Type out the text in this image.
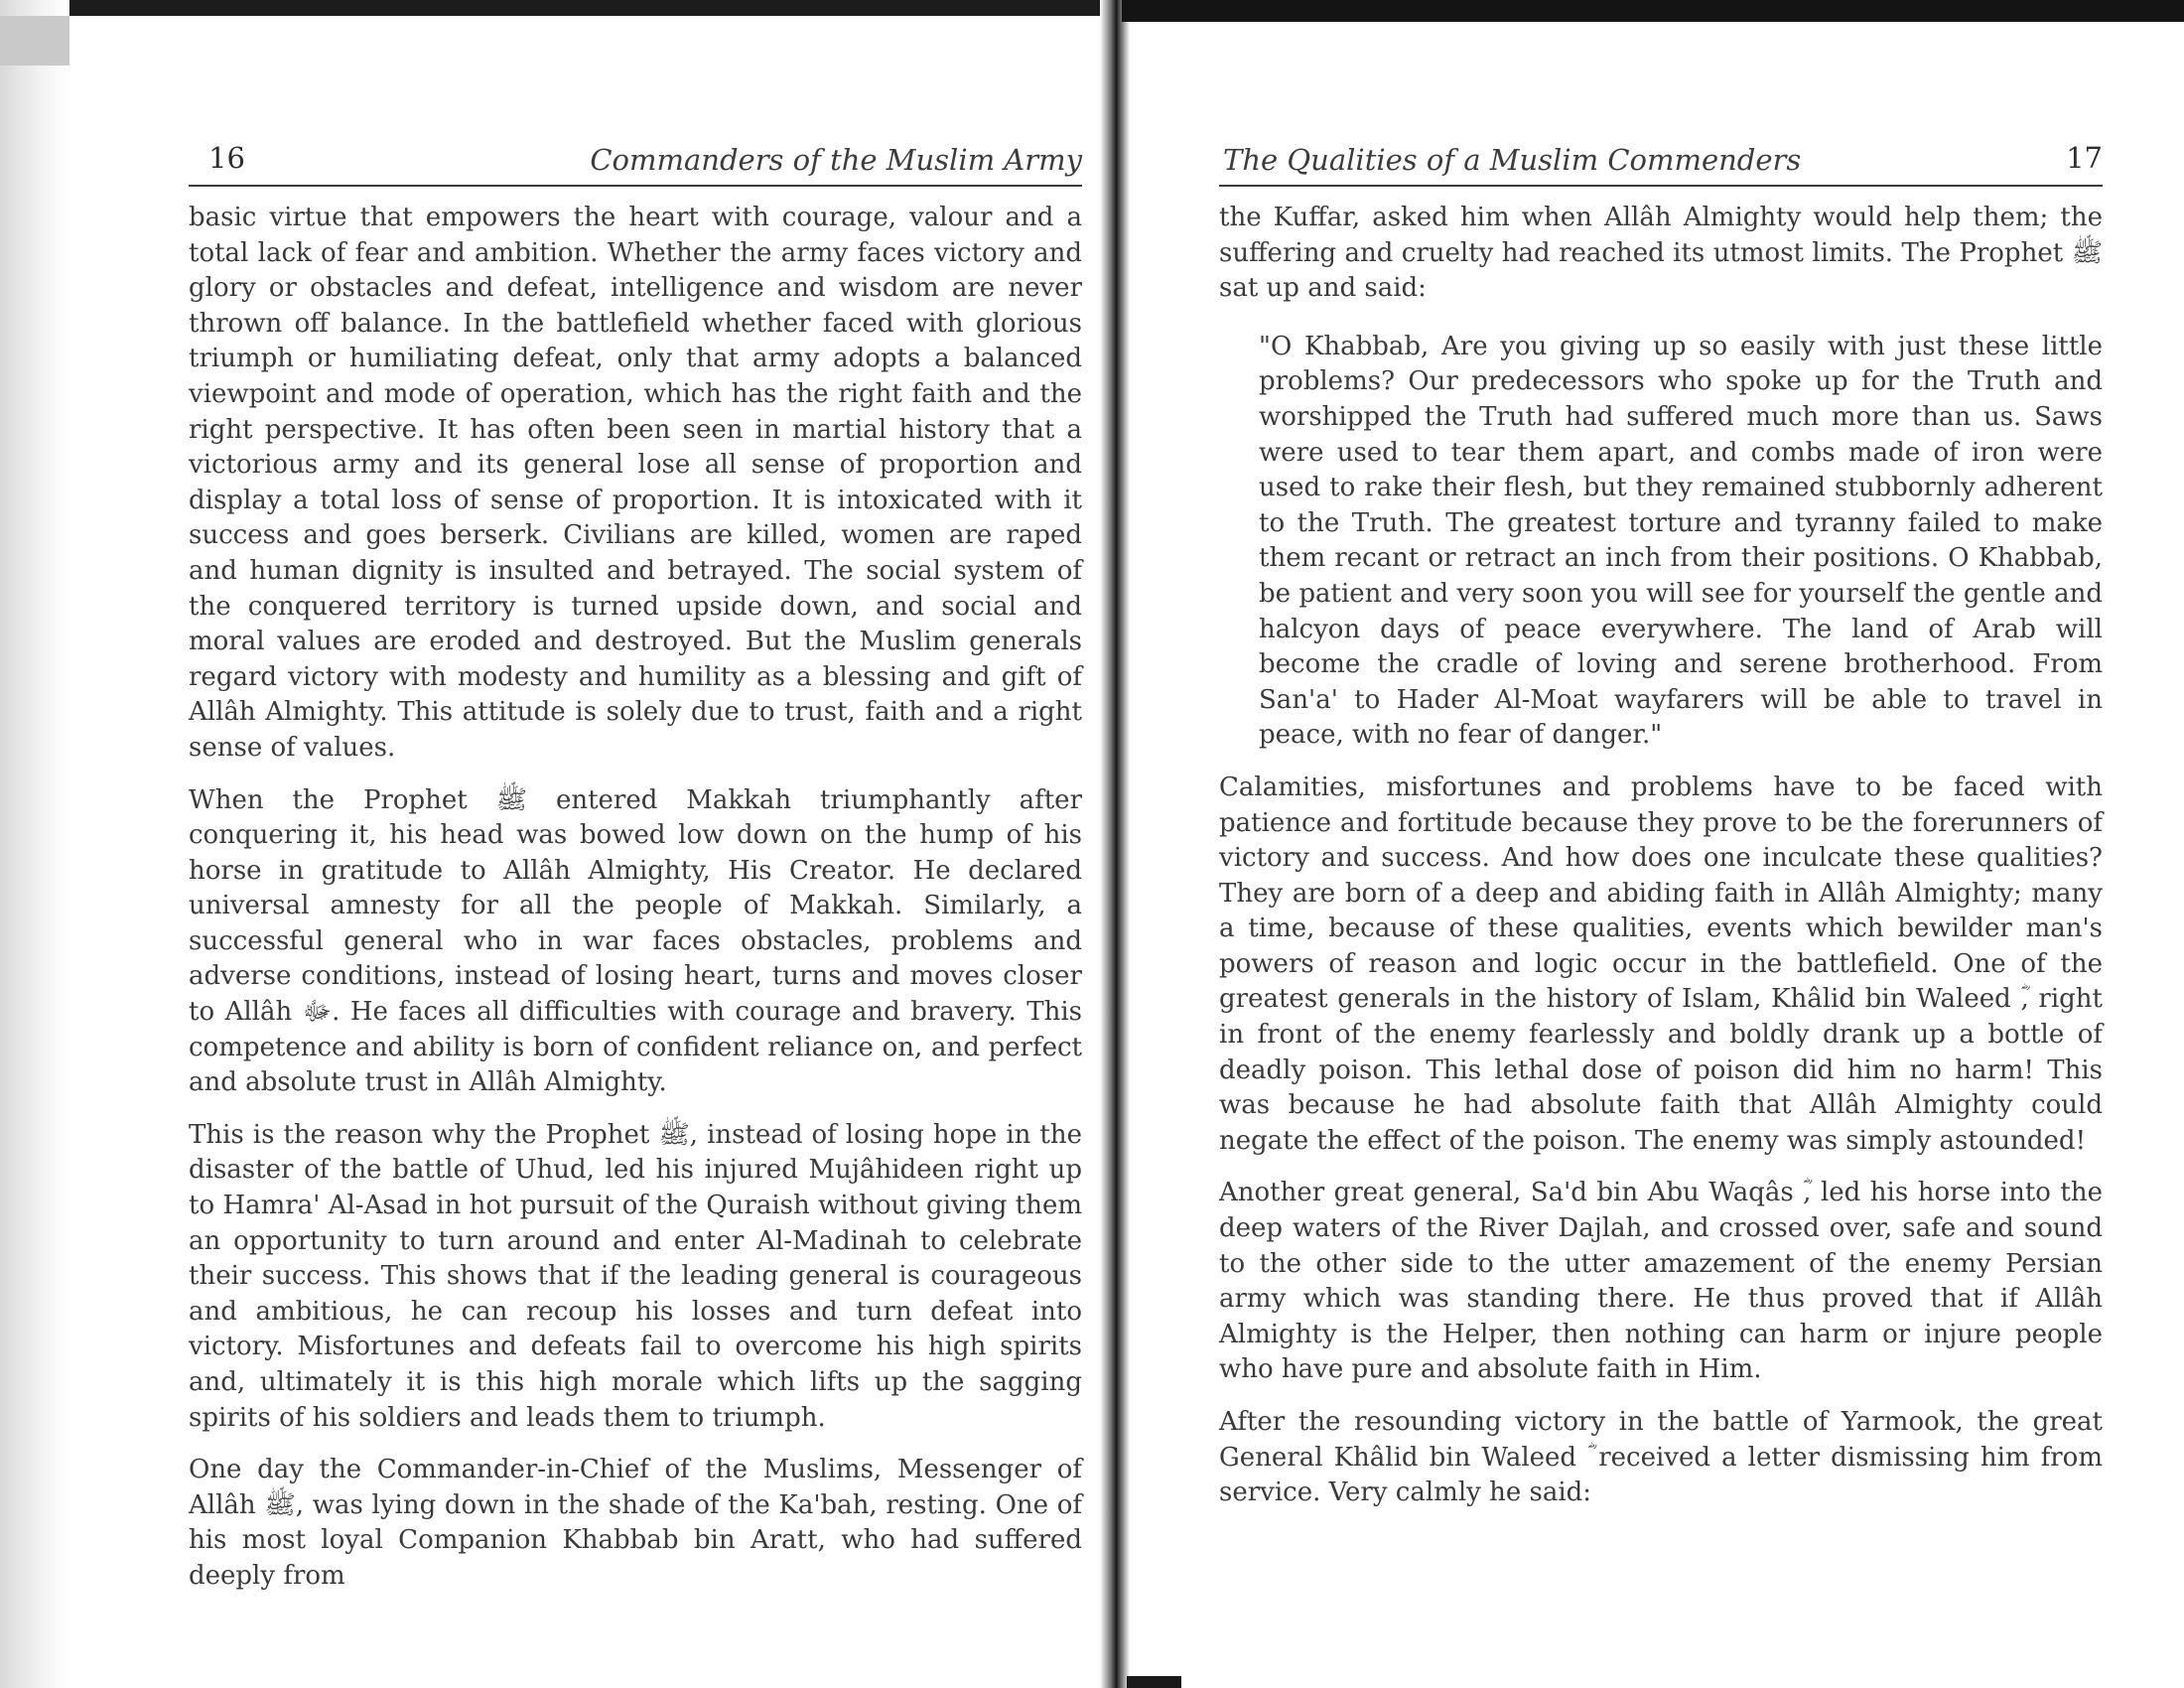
16	Commanders of the Muslim Army

basic virtue that empowers the heart with courage, valour and a total lack of fear and ambition. Whether the army faces victory and glory or obstacles and defeat, intelligence and wisdom are never thrown off balance. In the battlefield whether faced with glorious triumph or humiliating defeat, only that army adopts a balanced viewpoint and mode of operation, which has the right faith and the right perspective. It has often been seen in martial history that a victorious army and its general lose all sense of proportion and display a total loss of sense of proportion. It is intoxicated with it success and goes berserk. Civilians are killed, women are raped and human dignity is insulted and betrayed. The social system of the conquered territory is turned upside down, and social and moral values are eroded and destroyed. But the Muslim generals regard victory with modesty and humility as a blessing and gift of Allâh Almighty. This attitude is solely due to trust, faith and a right sense of values.

When the Prophet ﷺ entered Makkah triumphantly after conquering it, his head was bowed low down on the hump of his horse in gratitude to Allâh Almighty, His Creator. He declared universal amnesty for all the people of Makkah. Similarly, a successful general who in war faces obstacles, problems and adverse conditions, instead of losing heart, turns and moves closer to Allâh ﷻ. He faces all difficulties with courage and bravery. This competence and ability is born of confident reliance on, and perfect and absolute trust in Allâh Almighty.

This is the reason why the Prophet ﷺ, instead of losing hope in the disaster of the battle of Uhud, led his injured Mujâhideen right up to Hamra' Al-Asad in hot pursuit of the Quraish without giving them an opportunity to turn around and enter Al-Madinah to celebrate their success. This shows that if the leading general is courageous and ambitious, he can recoup his losses and turn defeat into victory. Misfortunes and defeats fail to overcome his high spirits and, ultimately it is this high morale which lifts up the sagging spirits of his soldiers and leads them to triumph.

One day the Commander-in-Chief of the Muslims, Messenger of Allâh ﷺ, was lying down in the shade of the Ka'bah, resting. One of his most loyal Companion Khabbab bin Aratt, who had suffered deeply from

The Qualities of a Muslim Commenders	17

the Kuffar, asked him when Allâh Almighty would help them; the suffering and cruelty had reached its utmost limits. The Prophet ﷺ sat up and said:

"O Khabbab, Are you giving up so easily with just these little problems? Our predecessors who spoke up for the Truth and worshipped the Truth had suffered much more than us. Saws were used to tear them apart, and combs made of iron were used to rake their flesh, but they remained stubbornly adherent to the Truth. The greatest torture and tyranny failed to make them recant or retract an inch from their positions. O Khabbab, be patient and very soon you will see for yourself the gentle and halcyon days of peace everywhere. The land of Arab will become the cradle of loving and serene brotherhood. From San'a' to Hader Al-Moat wayfarers will be able to travel in peace, with no fear of danger."

Calamities, misfortunes and problems have to be faced with patience and fortitude because they prove to be the forerunners of victory and success. And how does one inculcate these qualities? They are born of a deep and abiding faith in Allâh Almighty; many a time, because of these qualities, events which bewilder man's powers of reason and logic occur in the battlefield. One of the greatest generals in the history of Islam, Khâlid bin Waleed ؓ, right in front of the enemy fearlessly and boldly drank up a bottle of deadly poison. This lethal dose of poison did him no harm! This was because he had absolute faith that Allâh Almighty could negate the effect of the poison. The enemy was simply astounded!

Another great general, Sa'd bin Abu Waqâs ؓ, led his horse into the deep waters of the River Dajlah, and crossed over, safe and sound to the other side to the utter amazement of the enemy Persian army which was standing there. He thus proved that if Allâh Almighty is the Helper, then nothing can harm or injure people who have pure and absolute faith in Him.

After the resounding victory in the battle of Yarmook, the great General Khâlid bin Waleed ؓ received a letter dismissing him from service. Very calmly he said:
